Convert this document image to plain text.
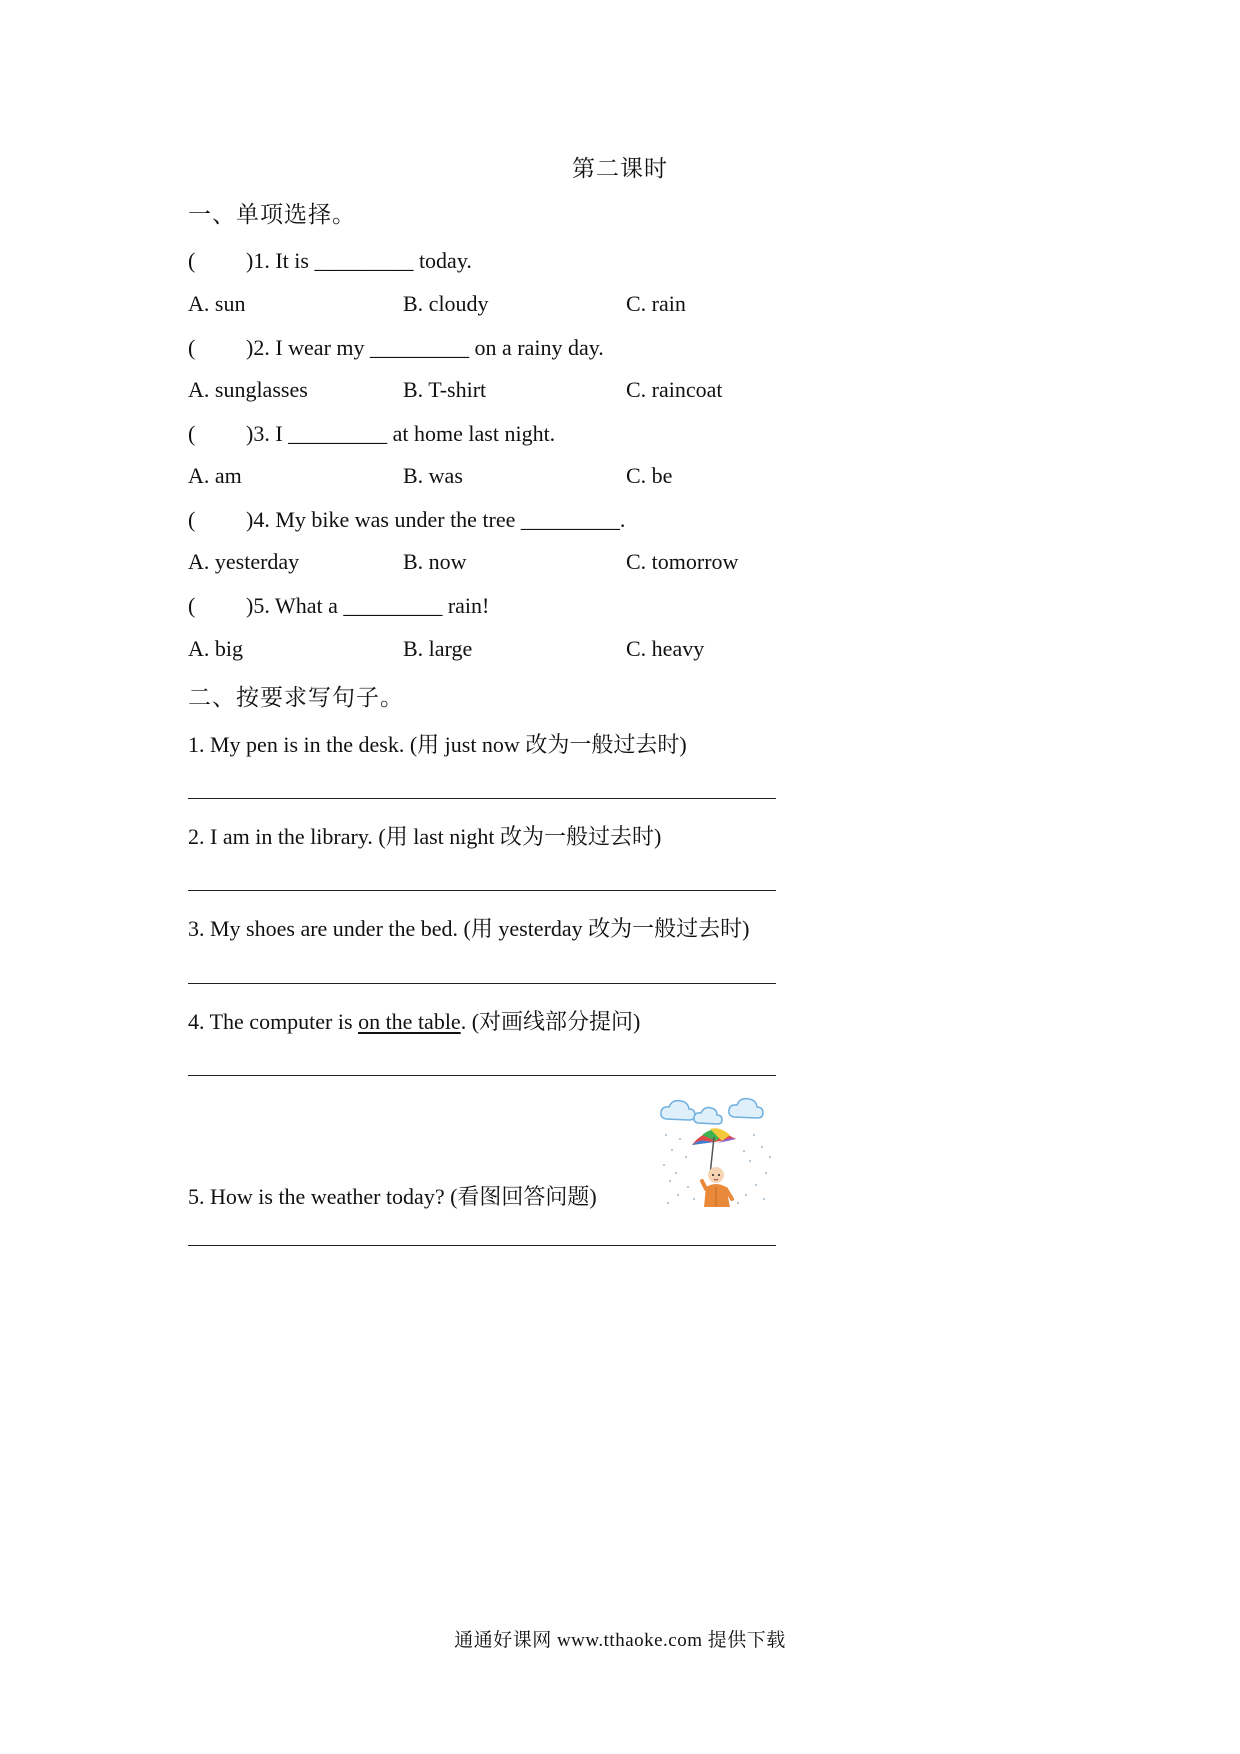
第二课时
一、单项选择。
( )1. It is _________ today.
A. sun	B. cloudy	C. rain
( )2. I wear my _________ on a rainy day.
A. sunglasses	B. T-shirt	C. raincoat
( )3. I _________ at home last night.
A. am	B. was	C. be
( )4. My bike was under the tree _________.
A. yesterday	B. now	C. tomorrow
( )5. What a _________ rain!
A. big	B. large	C. heavy
二、按要求写句子。
1. My pen is in the desk. (用 just now 改为一般过去时)
2. I am in the library. (用 last night 改为一般过去时)
3. My shoes are under the bed. (用 yesterday 改为一般过去时)
4. The computer is on the table. (对画线部分提问)
5. How is the weather today? (看图回答问题)
通通好课网 www.tthaoke.com 提供下载
